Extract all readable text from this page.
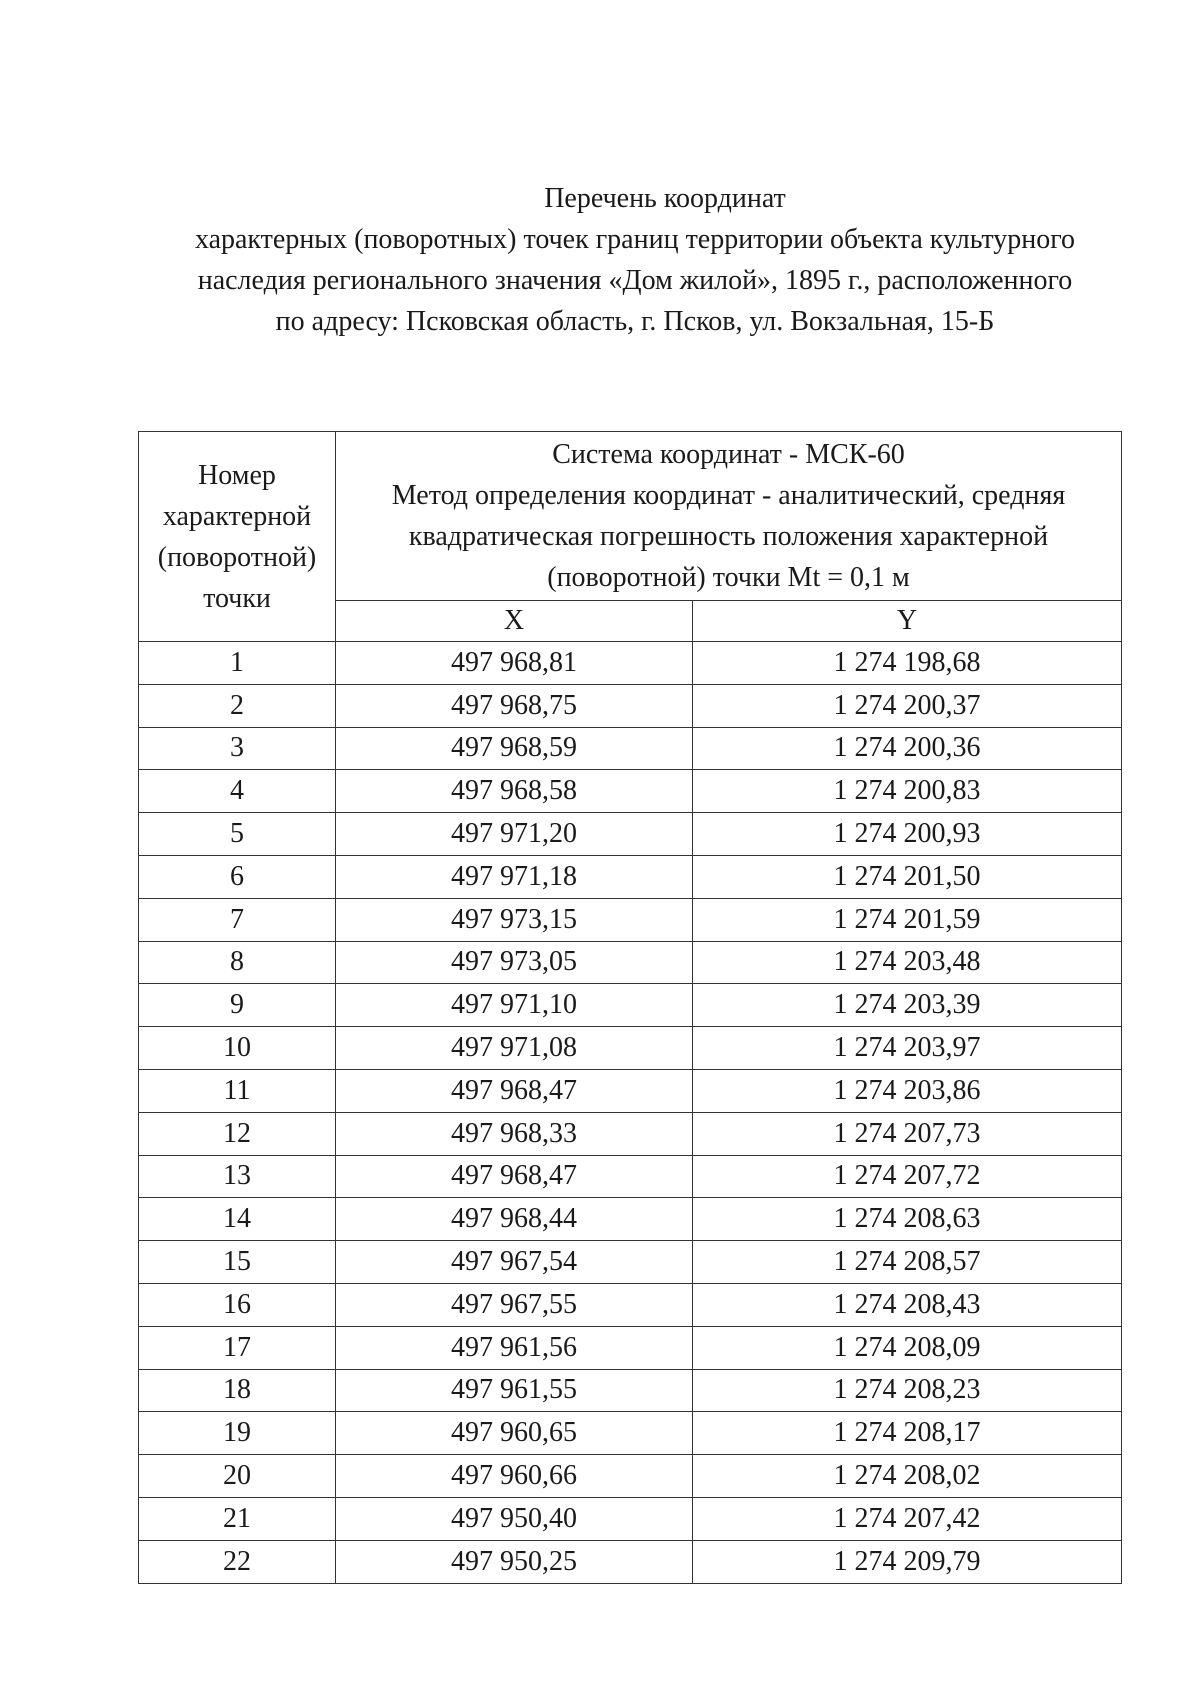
Перечень координат
характерных (поворотных) точек границ территории объекта культурного
наследия регионального значения «Дом жилой», 1895 г., расположенного
по адресу: Псковская область, г. Псков, ул. Вокзальная, 15-Б
Номер
характерной
(поворотной)
точки	Система координат - МСК-60
Метод определения координат - аналитический, средняя
квадратическая погрешность положения характерной
(поворотной) точки Mt = 0,1 м	

	X	Y
1	497 968,81	1 274 198,68
2	497 968,75	1 274 200,37
3	497 968,59	1 274 200,36
4	497 968,58	1 274 200,83
5	497 971,20	1 274 200,93
6	497 971,18	1 274 201,50
7	497 973,15	1 274 201,59
8	497 973,05	1 274 203,48
9	497 971,10	1 274 203,39
10	497 971,08	1 274 203,97
11	497 968,47	1 274 203,86
12	497 968,33	1 274 207,73
13	497 968,47	1 274 207,72
14	497 968,44	1 274 208,63
15	497 967,54	1 274 208,57
16	497 967,55	1 274 208,43
17	497 961,56	1 274 208,09
18	497 961,55	1 274 208,23
19	497 960,65	1 274 208,17
20	497 960,66	1 274 208,02
21	497 950,40	1 274 207,42
22	497 950,25	1 274 209,79
